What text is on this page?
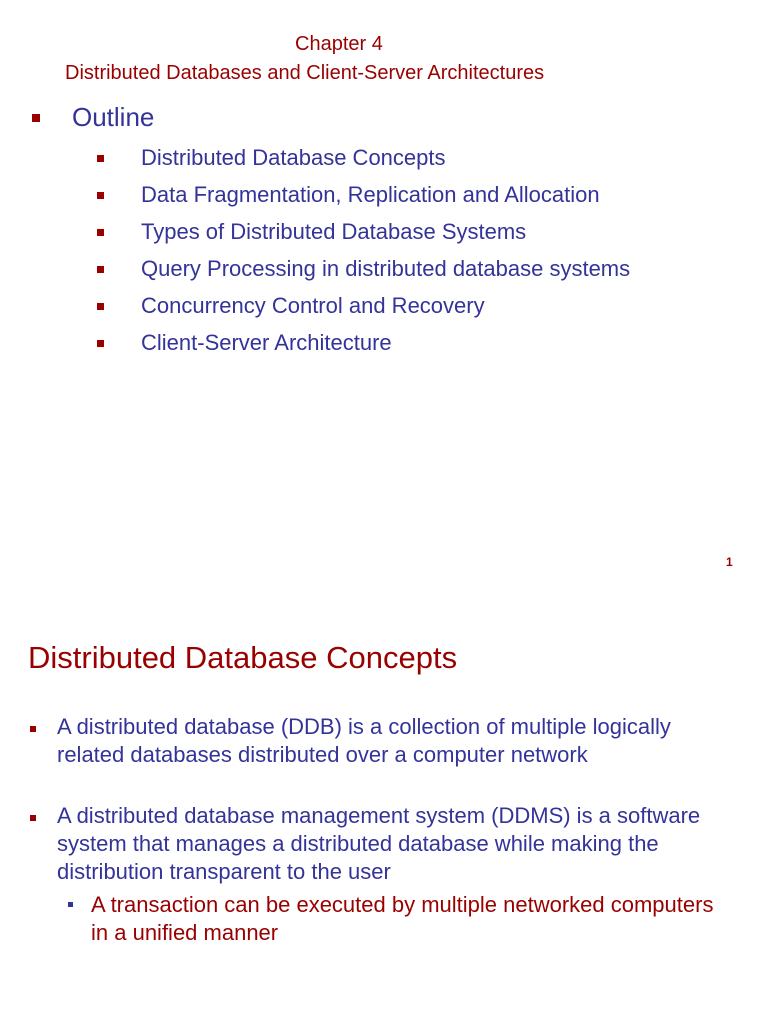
Chapter 4
Distributed Databases and Client-Server Architectures
Outline
Distributed Database Concepts
Data Fragmentation, Replication and Allocation
Types of Distributed Database Systems
Query Processing in distributed database systems
Concurrency Control and Recovery
Client-Server Architecture
1
Distributed Database Concepts
A distributed database (DDB) is a collection of multiple logically related databases distributed over a computer network
A distributed database management system (DDMS) is a software system that manages a distributed database while making the distribution transparent to the user
A transaction can be executed by multiple networked computers in a unified manner
